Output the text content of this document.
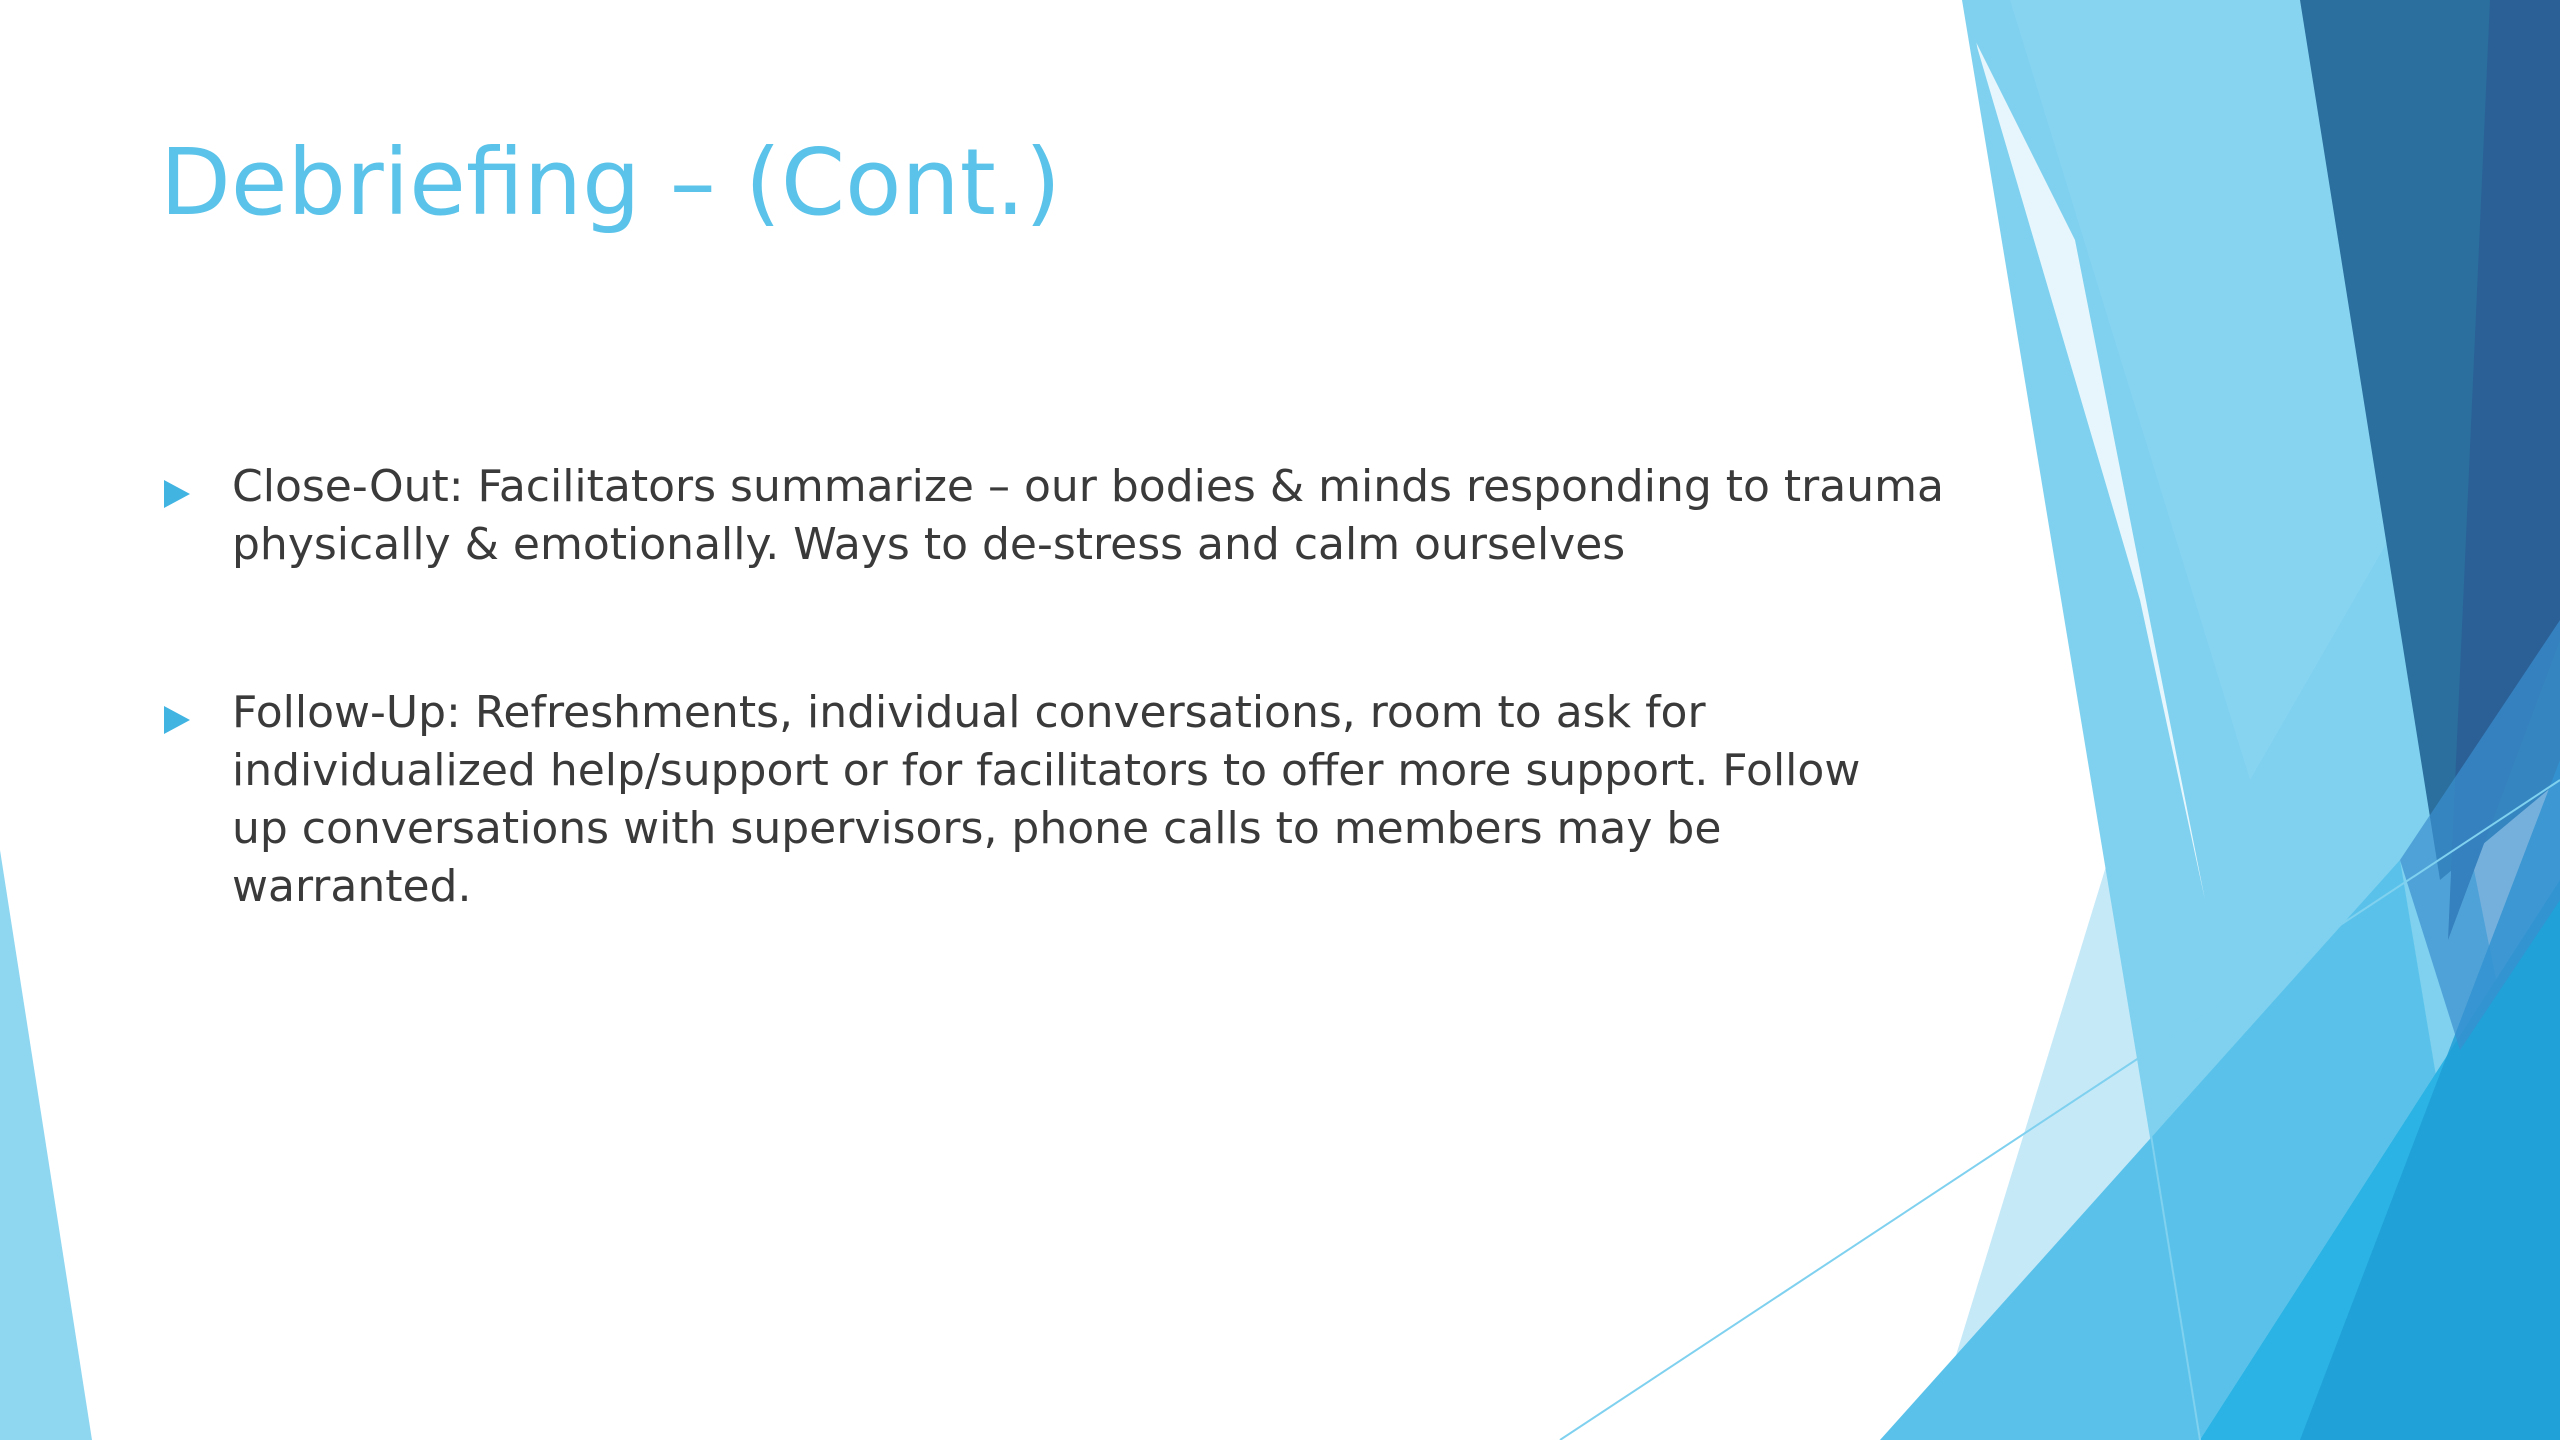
Debriefing – (Cont.)
Close-Out: Facilitators summarize – our bodies & minds responding to trauma
physically & emotionally. Ways to de-stress and calm ourselves
Follow-Up: Refreshments, individual conversations, room to ask for
individualized help/support or for facilitators to offer more support. Follow
up conversations with supervisors, phone calls to members may be warranted.
